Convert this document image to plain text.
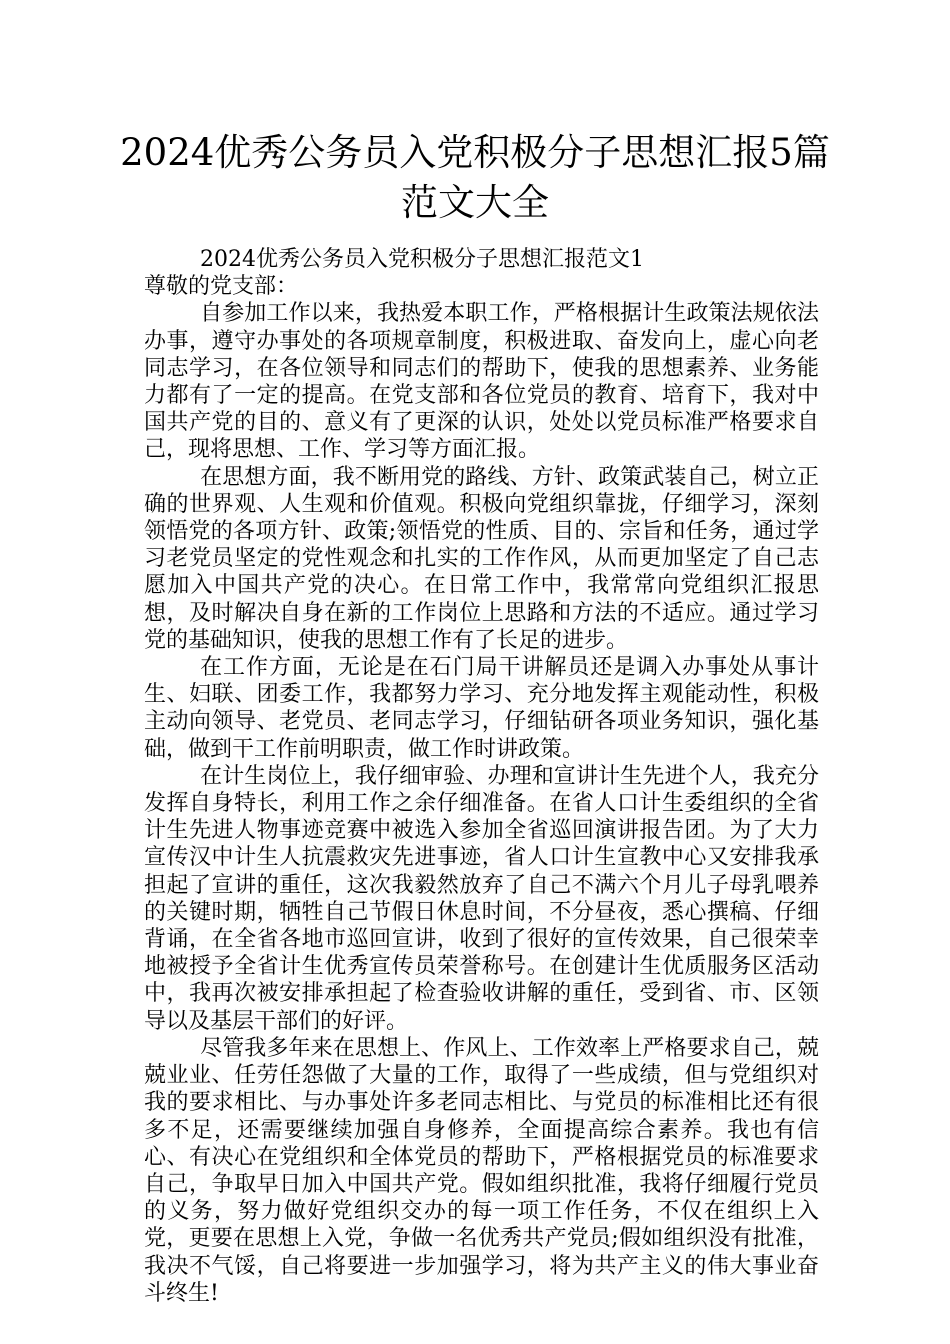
2024优秀公务员入党积极分子思想汇报5篇范文大全

2024优秀公务员入党积极分子思想汇报范文1

尊敬的党支部：

自参加工作以来，我热爱本职工作，严格根据计生政策法规依法办事，遵守办事处的各项规章制度，积极进取、奋发向上，虚心向老同志学习，在各位领导和同志们的帮助下，使我的思想素养、业务能力都有了一定的提高。在党支部和各位党员的教育、培育下，我对中国共产党的目的、意义有了更深的认识，处处以党员标准严格要求自己，现将思想、工作、学习等方面汇报。

在思想方面，我不断用党的路线、方针、政策武装自己，树立正确的世界观、人生观和价值观。积极向党组织靠拢，仔细学习，深刻领悟党的各项方针、政策;领悟党的性质、目的、宗旨和任务，通过学习老党员坚定的党性观念和扎实的工作作风，从而更加坚定了自己志愿加入中国共产党的决心。在日常工作中，我常常向党组织汇报思想，及时解决自身在新的工作岗位上思路和方法的不适应。通过学习党的基础知识，使我的思想工作有了长足的进步。

在工作方面，无论是在石门局干讲解员还是调入办事处从事计生、妇联、团委工作，我都努力学习、充分地发挥主观能动性，积极主动向领导、老党员、老同志学习，仔细钻研各项业务知识，强化基础，做到干工作前明职责，做工作时讲政策。

在计生岗位上，我仔细审验、办理和宣讲计生先进个人，我充分发挥自身特长，利用工作之余仔细准备。在省人口计生委组织的全省计生先进人物事迹竞赛中被选入参加全省巡回演讲报告团。为了大力宣传汉中计生人抗震救灾先进事迹，省人口计生宣教中心又安排我承担起了宣讲的重任，这次我毅然放弃了自己不满六个月儿子母乳喂养的关键时期，牺牲自己节假日休息时间，不分昼夜，悉心撰稿、仔细背诵，在全省各地市巡回宣讲，收到了很好的宣传效果，自己很荣幸地被授予全省计生优秀宣传员荣誉称号。在创建计生优质服务区活动中，我再次被安排承担起了检查验收讲解的重任，受到省、市、区领导以及基层干部们的好评。

尽管我多年来在思想上、作风上、工作效率上严格要求自己，兢兢业业、任劳任怨做了大量的工作，取得了一些成绩，但与党组织对我的要求相比、与办事处许多老同志相比、与党员的标准相比还有很多不足，还需要继续加强自身修养，全面提高综合素养。我也有信心、有决心在党组织和全体党员的帮助下，严格根据党员的标准要求自己，争取早日加入中国共产党。假如组织批准，我将仔细履行党员的义务，努力做好党组织交办的每一项工作任务，不仅在组织上入党，更要在思想上入党，争做一名优秀共产党员;假如组织没有批准，我决不气馁，自己将要进一步加强学习，将为共产主义的伟大事业奋斗终生!
